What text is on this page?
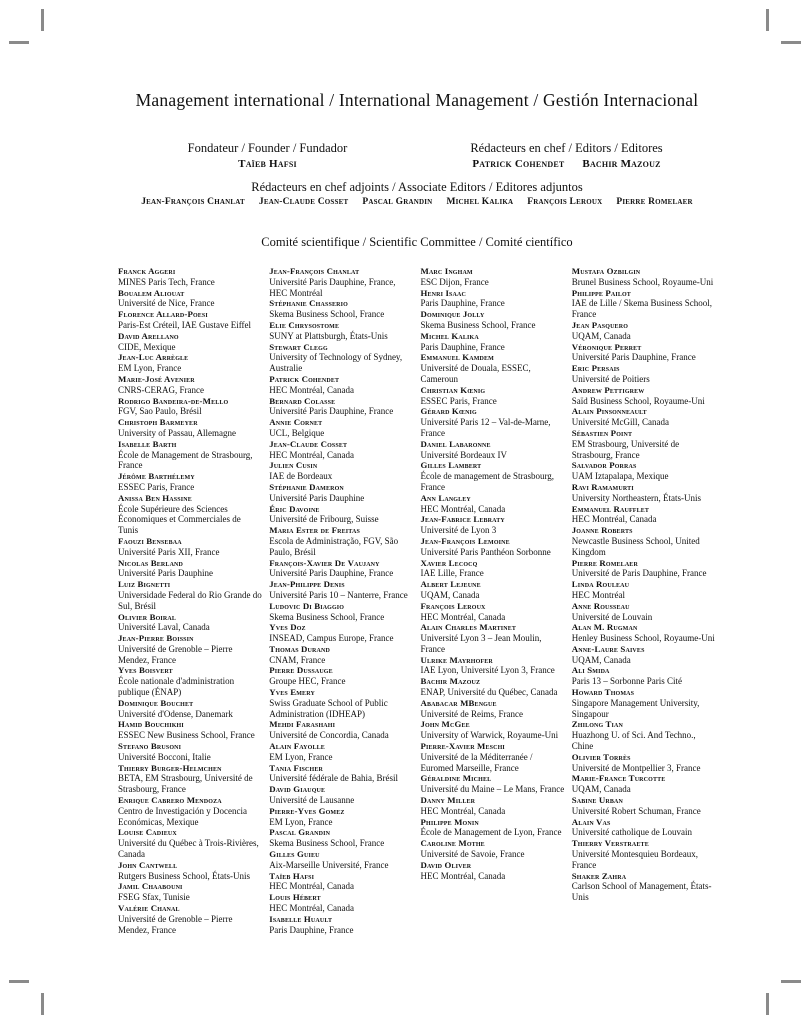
Management international / International Management / Gestión Internacional
Fondateur / Founder / Fundador
Taïeb Hafsi
Rédacteurs en chef / Editors / Editores
Patrick Cohendet Bachir Mazouz
Rédacteurs en chef adjoints / Associate Editors / Editores adjuntos
Jean-François Chanlat Jean-Claude Cosset Pascal Grandin Michel Kalika François Leroux Pierre Romelaer
Comité scientifique / Scientific Committee / Comité científico
Franck Aggeri
MINES Paris Tech, France
Boualem Aliouat
Université de Nice, France
Florence Allard-Poesi
Paris-Est Créteil, IAE Gustave Eiffel
David Arellano
CIDE, Mexique
Jean-Luc Arrègle
EM Lyon, France
Marie-José Avenier
CNRS-CERAG, France
Rodrigo Bandeira-de-Mello
FGV, Sao Paulo, Brésil
Christoph Barmeyer
University of Passau, Allemagne
Isabelle Barth
École de Management de Strasbourg, France
Jérôme Barthélemy
ESSEC Paris, France
Anissa Ben Hassine
École Supérieure des Sciences Économiques et Commerciales de Tunis
Faouzi Bensebaa
Université Paris XII, France
Nicolas Berland
Université Paris Dauphine
Luiz Bignetti
Universidade Federal do Rio Grande do Sul, Brésil
Olivier Boiral
Université Laval, Canada
Jean-Pierre Boissin
Université de Grenoble – Pierre Mendez, France
Yves Boisvert
École nationale d'administration publique (ÉNAP)
Dominique Bouchet
Université d'Odense, Danemark
Hamid Bouchikhi
ESSEC New Business School, France
Stefano Brusoni
Université Bocconi, Italie
Thierry Burger-Helmchen
BETA, EM Strasbourg, Université de Strasbourg, France
Enrique Cabrero Mendoza
Centro de Investigación y Docencia Económicas, Mexique
Louise Cadieux
Université du Québec à Trois-Rivières, Canada
John Cantwell
Rutgers Business School, États-Unis
Jamil Chaabouni
FSEG Sfax, Tunisie
Valérie Chanal
Université de Grenoble – Pierre Mendez, France
Jean-François Chanlat
Université Paris Dauphine, France, HEC Montréal
Stéphanie Chasserio
Skema Business School, France
Elie Chrysostome
SUNY at Plattsburgh, États-Unis
Stewart Clegg
University of Technology of Sydney, Australie
Patrick Cohendet
HEC Montréal, Canada
Bernard Colasse
Université Paris Dauphine, France
Annie Cornet
UCL, Belgique
Jean-Claude Cosset
HEC Montréal, Canada
Julien Cusin
IAE de Bordeaux
Stéphanie Dameron
Université Paris Dauphine
Éric Davoine
Université de Fribourg, Suisse
Maria Ester de Freitas
Escola de Administração, FGV, São Paulo, Brésil
François-Xavier De Vaujany
Université Paris Dauphine, France
Jean-Philippe Denis
Université Paris 10 – Nanterre, France
Ludovic Di Biaggio
Skema Business School, France
Yves Doz
INSEAD, Campus Europe, France
Thomas Durand
CNAM, France
Pierre Dussauge
Groupe HEC, France
Yves Emery
Swiss Graduate School of Public Administration (IDHEAP)
Mehdi Farashahi
Université de Concordia, Canada
Alain Fayolle
EM Lyon, France
Tania Fischer
Université fédérale de Bahia, Brésil
David Giauque
Université de Lausanne
Pierre-Yves Gomez
EM Lyon, France
Pascal Grandin
Skema Business School, France
Gilles Guieu
Aix-Marseille Université, France
Taïeb Hafsi
HEC Montréal, Canada
Louis Hébert
HEC Montréal, Canada
Isabelle Huault
Paris Dauphine, France
Marc Ingham
ESC Dijon, France
Henri Isaac
Paris Dauphine, France
Dominique Jolly
Skema Business School, France
Michel Kalika
Paris Dauphine, France
Emmanuel Kamdem
Université de Douala, ESSEC, Cameroun
Christian Kœnig
ESSEC Paris, France
Gérard Kœnig
Université Paris 12 – Val-de-Marne, France
Daniel Labaronne
Université Bordeaux IV
Gilles Lambert
École de management de Strasbourg, France
Ann Langley
HEC Montréal, Canada
Jean-Fabrice Lebraty
Université de Lyon 3
Jean-François Lemoine
Université Paris Panthéon Sorbonne
Xavier Lecocq
IAE Lille, France
Albert Lejeune
UQAM, Canada
François Leroux
HEC Montréal, Canada
Alain Charles Martinet
Université Lyon 3 – Jean Moulin, France
Ulrike Mayrhofer
IAE Lyon, Université Lyon 3, France
Bachir Mazouz
ENAP, Université du Québec, Canada
Ababacar MBengue
Université de Reims, France
John McGee
University of Warwick, Royaume-Uni
Pierre-Xavier Meschi
Université de la Méditerranée / Euromed Marseille, France
Géraldine Michel
Université du Maine – Le Mans, France
Danny Miller
HEC Montréal, Canada
Philippe Monin
École de Management de Lyon, France
Caroline Mothe
Université de Savoie, France
David Oliver
HEC Montréal, Canada
Mustafa Ozbilgin
Brunel Business School, Royaume-Uni
Philippe Pailot
IAE de Lille / Skema Business School, France
Jean Pasquero
UQAM, Canada
Véronique Perret
Université Paris Dauphine, France
Eric Persais
Université de Poitiers
Andrew Pettigrew
Saïd Business School, Royaume-Uni
Alain Pinsonneault
Université McGill, Canada
Sébastien Point
EM Strasbourg, Université de Strasbourg, France
Salvador Porras
UAM Iztapalapa, Mexique
Ravi Ramamurti
University Northeastern, États-Unis
Emmanuel Raufflet
HEC Montréal, Canada
Joanne Roberts
Newcastle Business School, United Kingdom
Pierre Romelaer
Université de Paris Dauphine, France
Linda Rouleau
HEC Montréal
Anne Rousseau
Université de Louvain
Alan M. Rugman
Henley Business School, Royaume-Uni
Anne-Laure Saives
UQAM, Canada
Ali Smida
Paris 13 – Sorbonne Paris Cité
Howard Thomas
Singapore Management University, Singapour
Zhilong Tian
Huazhong U. of Sci. And Techno., Chine
Olivier Torrès
Université de Montpellier 3, France
Marie-France Turcotte
UQAM, Canada
Sabine Urban
Université Robert Schuman, France
Alain Vas
Université catholique de Louvain
Thierry Verstraete
Université Montesquieu Bordeaux, France
Shaker Zahra
Carlson School of Management, États-Unis
